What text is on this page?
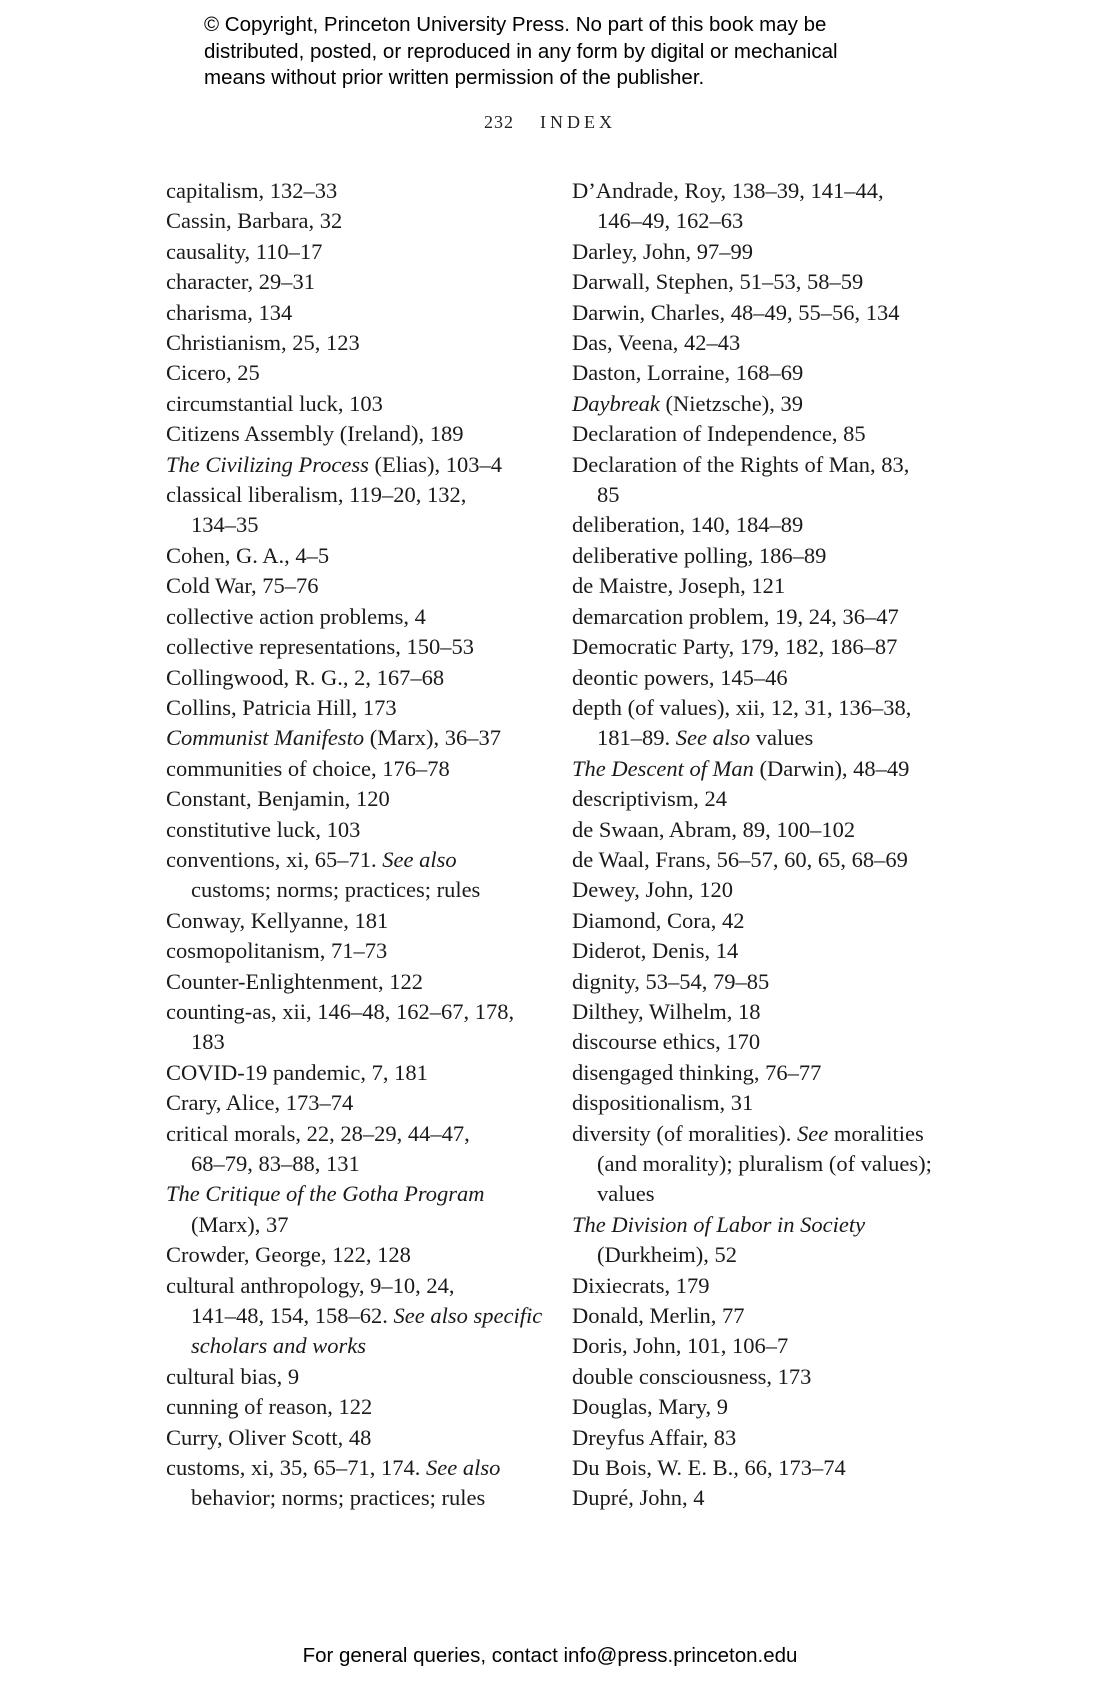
© Copyright, Princeton University Press. No part of this book may be
distributed, posted, or reproduced in any form by digital or mechanical
means without prior written permission of the publisher.
232 INDEX
capitalism, 132–33
Cassin, Barbara, 32
causality, 110–17
character, 29–31
charisma, 134
Christianism, 25, 123
Cicero, 25
circumstantial luck, 103
Citizens Assembly (Ireland), 189
The Civilizing Process (Elias), 103–4
classical liberalism, 119–20, 132,
134–35
Cohen, G. A., 4–5
Cold War, 75–76
collective action problems, 4
collective representations, 150–53
Collingwood, R. G., 2, 167–68
Collins, Patricia Hill, 173
Communist Manifesto (Marx), 36–37
communities of choice, 176–78
Constant, Benjamin, 120
constitutive luck, 103
conventions, xi, 65–71. See also
customs; norms; practices; rules
Conway, Kellyanne, 181
cosmopolitanism, 71–73
Counter-Enlightenment, 122
counting-as, xii, 146–48, 162–67, 178,
183
COVID-19 pandemic, 7, 181
Crary, Alice, 173–74
critical morals, 22, 28–29, 44–47,
68–79, 83–88, 131
The Critique of the Gotha Program
(Marx), 37
Crowder, George, 122, 128
cultural anthropology, 9–10, 24,
141–48, 154, 158–62. See also specific
scholars and works
cultural bias, 9
cunning of reason, 122
Curry, Oliver Scott, 48
customs, xi, 35, 65–71, 174. See also
behavior; norms; practices; rules
D’Andrade, Roy, 138–39, 141–44,
146–49, 162–63
Darley, John, 97–99
Darwall, Stephen, 51–53, 58–59
Darwin, Charles, 48–49, 55–56, 134
Das, Veena, 42–43
Daston, Lorraine, 168–69
Daybreak (Nietzsche), 39
Declaration of Independence, 85
Declaration of the Rights of Man, 83,
85
deliberation, 140, 184–89
deliberative polling, 186–89
de Maistre, Joseph, 121
demarcation problem, 19, 24, 36–47
Democratic Party, 179, 182, 186–87
deontic powers, 145–46
depth (of values), xii, 12, 31, 136–38,
181–89. See also values
The Descent of Man (Darwin), 48–49
descriptivism, 24
de Swaan, Abram, 89, 100–102
de Waal, Frans, 56–57, 60, 65, 68–69
Dewey, John, 120
Diamond, Cora, 42
Diderot, Denis, 14
dignity, 53–54, 79–85
Dilthey, Wilhelm, 18
discourse ethics, 170
disengaged thinking, 76–77
dispositionalism, 31
diversity (of moralities). See moralities
(and morality); pluralism (of values);
values
The Division of Labor in Society
(Durkheim), 52
Dixiecrats, 179
Donald, Merlin, 77
Doris, John, 101, 106–7
double consciousness, 173
Douglas, Mary, 9
Dreyfus Affair, 83
Du Bois, W. E. B., 66, 173–74
Dupré, John, 4
For general queries, contact info@press.princeton.edu
